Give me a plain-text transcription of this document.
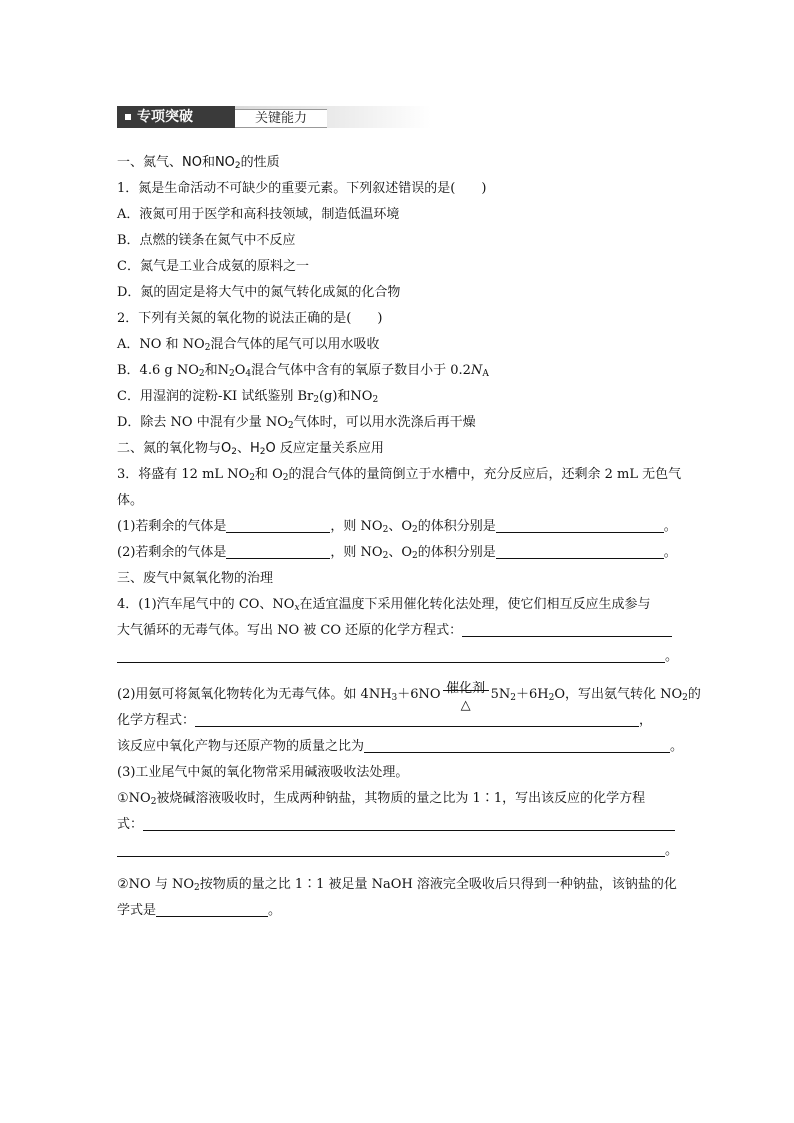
专项突破	关键能力
一、氮气、NO和$NO_2$的性质
1．氮是生命活动不可缺少的重要元素。下列叙述错误的是(　　)
A．液氮可用于医学和高科技领域，制造低温环境
B．点燃的镁条在氮气中不反应
C．氮气是工业合成氨的原料之一
D．氮的固定是将大气中的氮气转化成氮的化合物
2．下列有关氮的氧化物的说法正确的是(　　)
A．NO 和 $NO_2$混合气体的尾气可以用水吸收
B．4.6 g $NO_2$和$N_2O_4$混合气体中含有的氧原子数目小于 $0.2N_A$
C．用湿润的淀粉-KI 试纸鉴别 $Br_2(g)$和$NO_2$
D．除去 NO 中混有少量 $NO_2$气体时，可以用水洗涤后再干燥
二、氮的氧化物与$O_2$、$H_2O$ 反应定量关系应用
3．将盛有 12 mL $NO_2$和 $O_2$的混合气体的量筒倒立于水槽中，充分反应后，还剩余 2 mL 无色气
体。
(1)若剩余的气体是	，则 $NO_2$、$O_2$的体积分别是	。
(2)若剩余的气体是	，则 $NO_2$、$O_2$的体积分别是	。
三、废气中氮氧化物的治理
4．(1)汽车尾气中的 CO、$NO_x$在适宜温度下采用催化转化法处理，使它们相互反应生成参与
大气循环的无毒气体。写出 NO 被 CO 还原的化学方程式：
。
(2)用氨可将氮氧化物转化为无毒气体。如 $4NH_3+6NO$ 催化剂
△
$5N_2+6H_2O$，写出氨气转化 $NO_2$的
化学方程式：	，
该反应中氧化产物与还原产物的质量之比为	。
(3)工业尾气中氮的氧化物常采用碱液吸收法处理。
$①NO_2$被烧碱溶液吸收时，生成两种钠盐，其物质的量之比为 1∶1，写出该反应的化学方程
式：
。
②NO 与 $NO_2$按物质的量之比 1∶1 被足量 NaOH 溶液完全吸收后只得到一种钠盐，该钠盐的化
学式是	。
